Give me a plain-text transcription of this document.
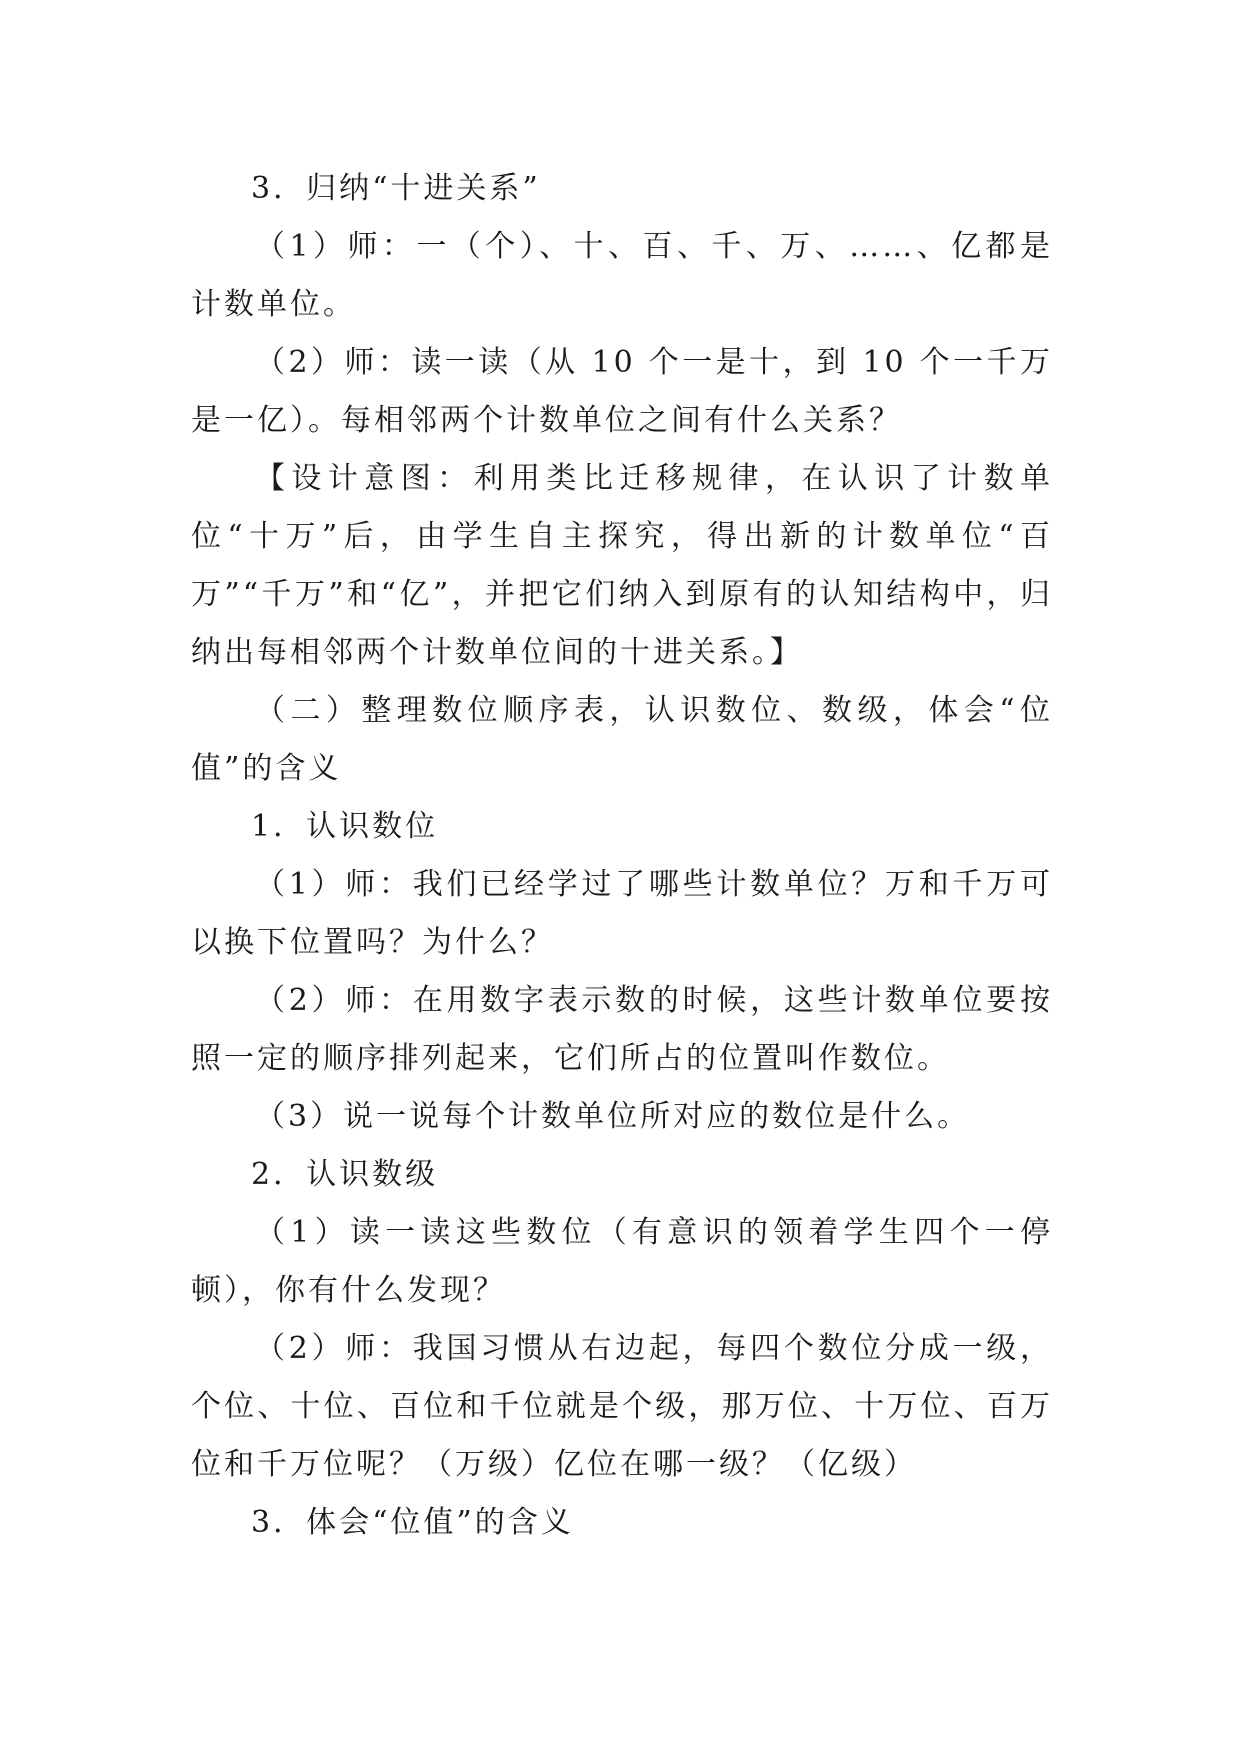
3．归纳“十进关系”

（1）师：一（个）、十、百、千、万、……、亿都是计数单位。

（2）师：读一读（从 10 个一是十，到 10 个一千万是一亿）。每相邻两个计数单位之间有什么关系？

【设计意图：利用类比迁移规律，在认识了计数单位“十万”后，由学生自主探究，得出新的计数单位“百万”“千万”和“亿”，并把它们纳入到原有的认知结构中，归纳出每相邻两个计数单位间的十进关系。】

（二）整理数位顺序表，认识数位、数级，体会“位值”的含义

1．认识数位

（1）师：我们已经学过了哪些计数单位？万和千万可以换下位置吗？为什么？

（2）师：在用数字表示数的时候，这些计数单位要按照一定的顺序排列起来，它们所占的位置叫作数位。

（3）说一说每个计数单位所对应的数位是什么。

2．认识数级

（1）读一读这些数位（有意识的领着学生四个一停顿），你有什么发现？

（2）师：我国习惯从右边起，每四个数位分成一级，个位、十位、百位和千位就是个级，那万位、十万位、百万位和千万位呢？（万级）亿位在哪一级？（亿级）

3．体会“位值”的含义
